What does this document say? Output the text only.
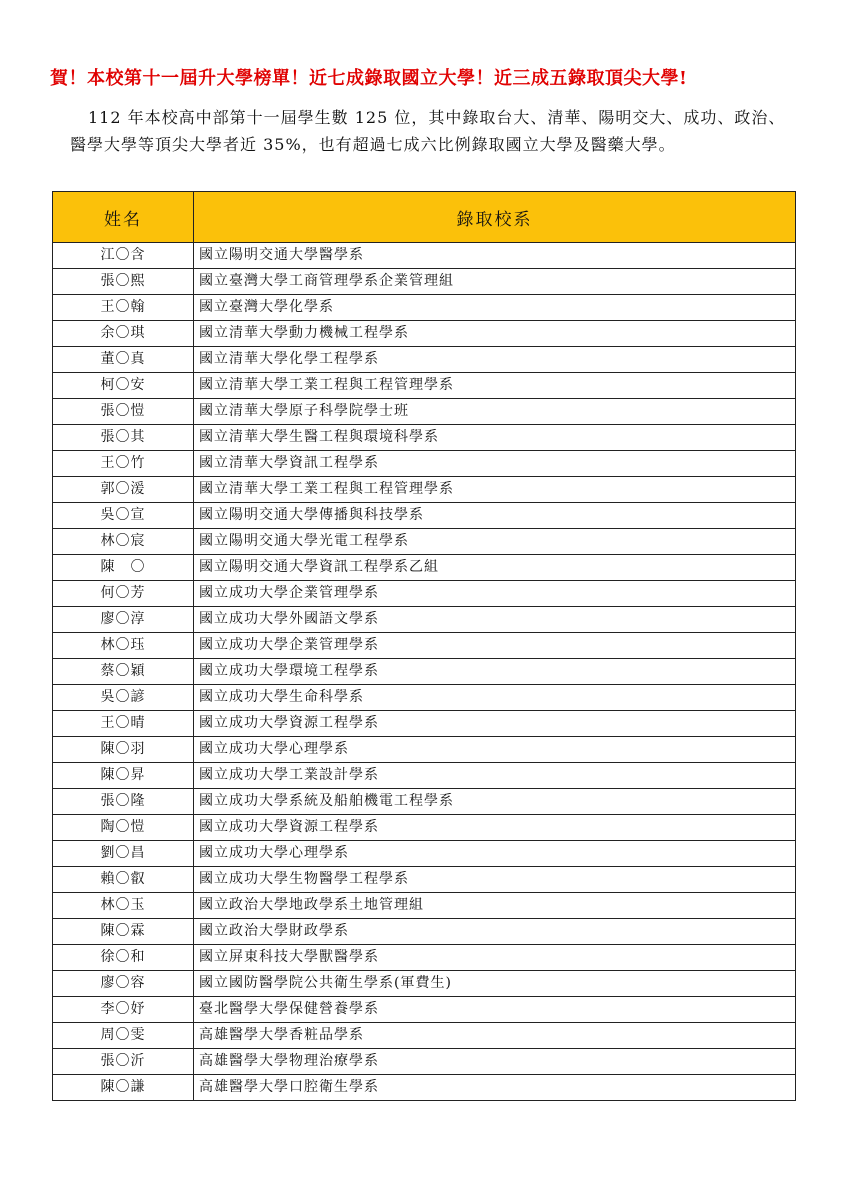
賀！本校第十一屆升大學榜單！近七成錄取國立大學！近三成五錄取頂尖大學!
112 年本校高中部第十一屆學生數 125 位，其中錄取台大、清華、陽明交大、成功、政治、醫學大學等頂尖大學者近 35%，也有超過七成六比例錄取國立大學及醫藥大學。
姓名	錄取校系
江〇含	國立陽明交通大學醫學系
張〇熙	國立臺灣大學工商管理學系企業管理組
王〇翰	國立臺灣大學化學系
余〇琪	國立清華大學動力機械工程學系
董〇真	國立清華大學化學工程學系
柯〇安	國立清華大學工業工程與工程管理學系
張〇愷	國立清華大學原子科學院學士班
張〇其	國立清華大學生醫工程與環境科學系
王〇竹	國立清華大學資訊工程學系
郭〇湲	國立清華大學工業工程與工程管理學系
吳〇宣	國立陽明交通大學傳播與科技學系
林〇宸	國立陽明交通大學光電工程學系
陳　〇	國立陽明交通大學資訊工程學系乙組
何〇芳	國立成功大學企業管理學系
廖〇淳	國立成功大學外國語文學系
林〇珏	國立成功大學企業管理學系
蔡〇穎	國立成功大學環境工程學系
吳〇諺	國立成功大學生命科學系
王〇晴	國立成功大學資源工程學系
陳〇羽	國立成功大學心理學系
陳〇昇	國立成功大學工業設計學系
張〇隆	國立成功大學系統及船舶機電工程學系
陶〇愷	國立成功大學資源工程學系
劉〇昌	國立成功大學心理學系
賴〇叡	國立成功大學生物醫學工程學系
林〇玉	國立政治大學地政學系土地管理組
陳〇霖	國立政治大學財政學系
徐〇和	國立屏東科技大學獸醫學系
廖〇容	國立國防醫學院公共衛生學系(軍費生)
李〇妤	臺北醫學大學保健營養學系
周〇雯	高雄醫學大學香粧品學系
張〇沂	高雄醫學大學物理治療學系
陳〇謙	高雄醫學大學口腔衛生學系
